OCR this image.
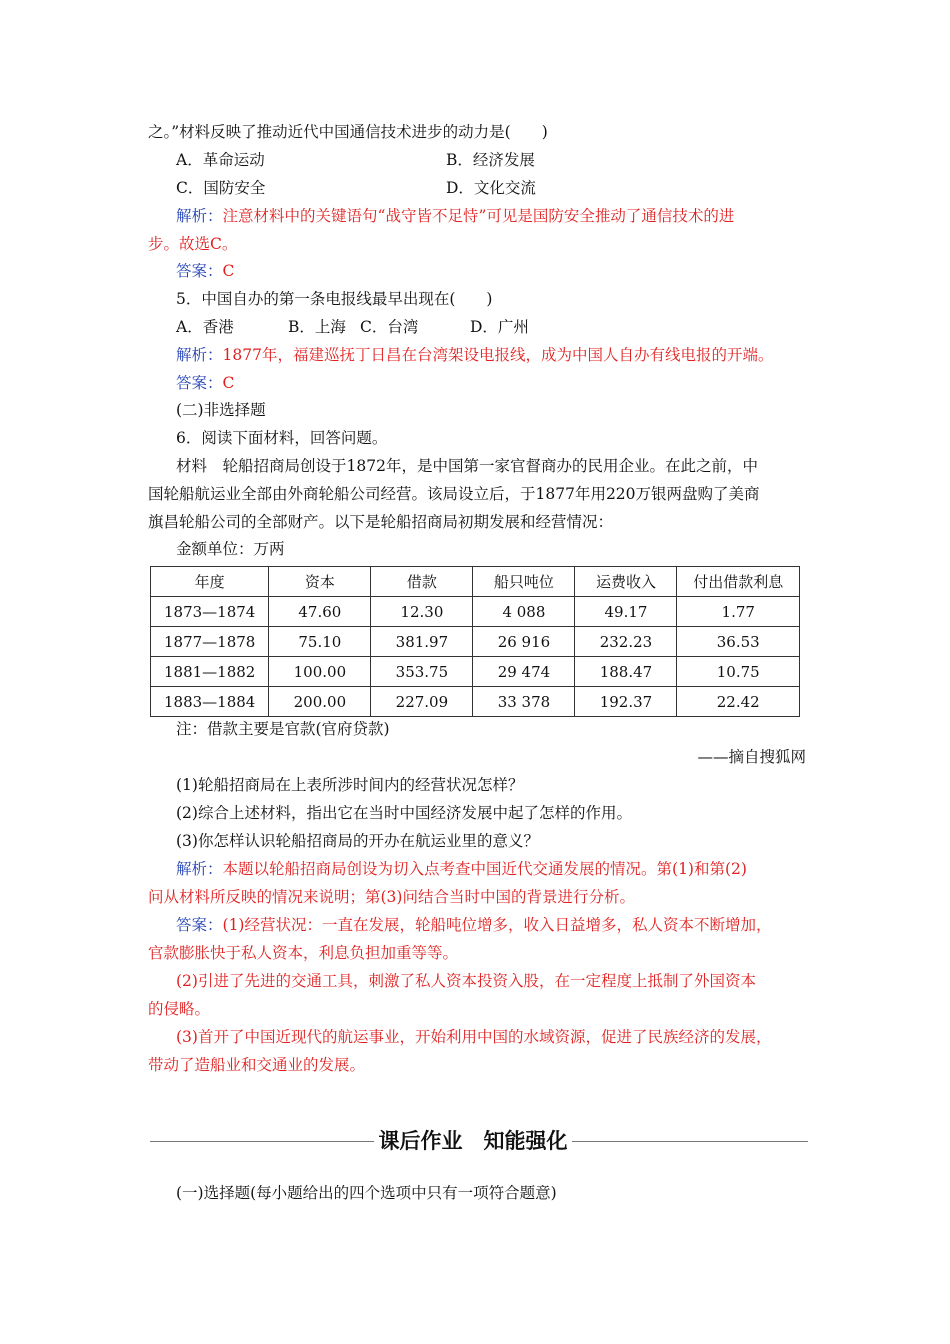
之。”材料反映了推动近代中国通信技术进步的动力是(　　)
A．革命运动	B．经济发展
C．国防安全	D．文化交流
解析：注意材料中的关键语句“战守皆不足恃”可见是国防安全推动了通信技术的进
步。故选C。
答案：C
5．中国自办的第一条电报线最早出现在(　　)
A．香港	B．上海 C．台湾	D．广州
解析：1877年，福建巡抚丁日昌在台湾架设电报线，成为中国人自办有线电报的开端。
答案：C
(二)非选择题
6．阅读下面材料，回答问题。
材料　轮船招商局创设于1872年，是中国第一家官督商办的民用企业。在此之前，中
国轮船航运业全部由外商轮船公司经营。该局设立后，于1877年用220万银两盘购了美商
旗昌轮船公司的全部财产。以下是轮船招商局初期发展和经营情况：
金额单位：万两
年度	资本	借款	船只吨位	运费收入	付出借款利息
1873—1874	47.60	12.30	4 088	49.17	1.77
1877—1878	75.10	381.97	26 916	232.23	36.53
1881—1882	100.00	353.75	29 474	188.47	10.75
1883—1884	200.00	227.09	33 378	192.37	22.42
注：借款主要是官款(官府贷款)
——摘自搜狐网
(1)轮船招商局在上表所涉时间内的经营状况怎样？
(2)综合上述材料，指出它在当时中国经济发展中起了怎样的作用。
(3)你怎样认识轮船招商局的开办在航运业里的意义？
解析：本题以轮船招商局创设为切入点考查中国近代交通发展的情况。第(1)和第(2)
问从材料所反映的情况来说明；第(3)问结合当时中国的背景进行分析。
答案：(1)经营状况：一直在发展，轮船吨位增多，收入日益增多，私人资本不断增加，
官款膨胀快于私人资本，利息负担加重等等。
(2)引进了先进的交通工具，刺激了私人资本投资入股，在一定程度上抵制了外国资本
的侵略。
(3)首开了中国近现代的航运事业，开始利用中国的水域资源，促进了民族经济的发展，
带动了造船业和交通业的发展。
课后作业　知能强化
(一)选择题(每小题给出的四个选项中只有一项符合题意)
